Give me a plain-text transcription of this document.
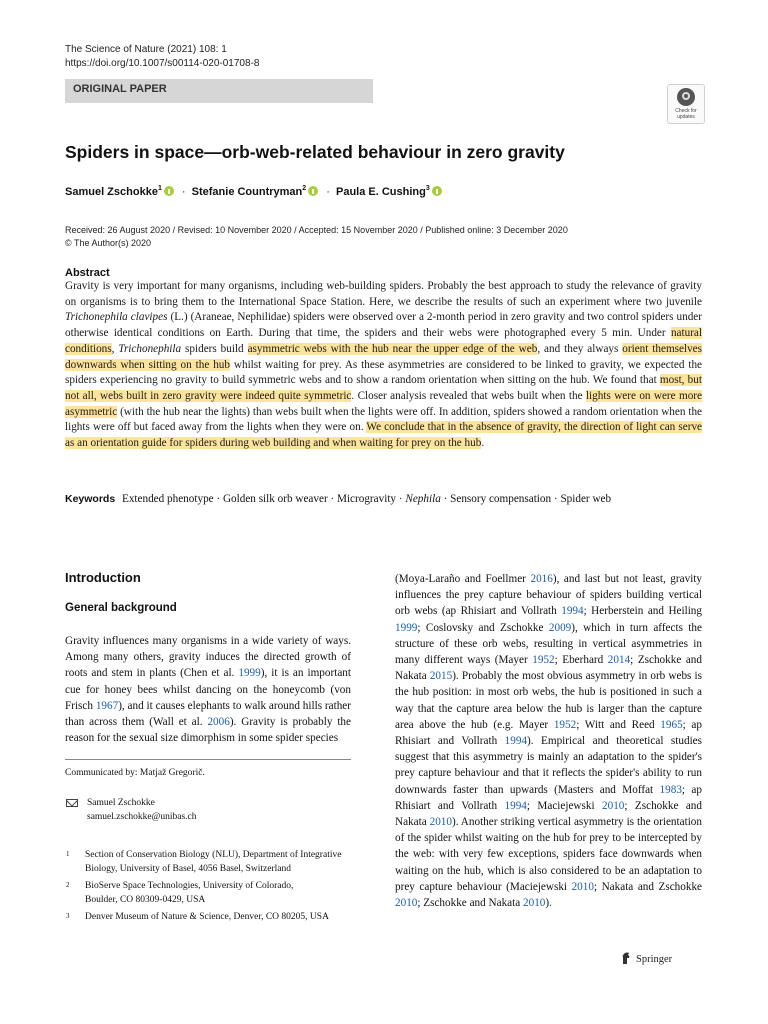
The Science of Nature (2021) 108: 1
https://doi.org/10.1007/s00114-020-01708-8
ORIGINAL PAPER
Check for
updates
Spiders in space—orb-web-related behaviour in zero gravity
Samuel Zschokke$^1$ · Stefanie Countryman$^2$ · Paula E. Cushing$^3$
Received: 26 August 2020 / Revised: 10 November 2020 / Accepted: 15 November 2020 / Published online: 3 December 2020
© The Author(s) 2020
Abstract
Gravity is very important for many organisms, including web-building spiders. Probably the best approach to study the relevance of gravity on organisms is to bring them to the International Space Station. Here, we describe the results of such an experiment where two juvenile Trichonephila clavipes (L.) (Araneae, Nephilidae) spiders were observed over a 2-month period in zero gravity and two control spiders under otherwise identical conditions on Earth. During that time, the spiders and their webs were photographed every 5 min. Under natural conditions, Trichonephila spiders build asymmetric webs with the hub near the upper edge of the web, and they always orient themselves downwards when sitting on the hub whilst waiting for prey. As these asymmetries are considered to be linked to gravity, we expected the spiders experiencing no gravity to build symmetric webs and to show a random orientation when sitting on the hub. We found that most, but not all, webs built in zero gravity were indeed quite symmetric. Closer analysis revealed that webs built when the lights were on were more asymmetric (with the hub near the lights) than webs built when the lights were off. In addition, spiders showed a random orientation when the lights were off but faced away from the lights when they were on. We conclude that in the absence of gravity, the direction of light can serve as an orientation guide for spiders during web building and when waiting for prey on the hub.
Keywords Extended phenotype · Golden silk orb weaver · Microgravity · Nephila · Sensory compensation · Spider web
Introduction
General background
Gravity influences many organisms in a wide variety of ways. Among many others, gravity induces the directed growth of roots and stem in plants (Chen et al. 1999), it is an important cue for honey bees whilst dancing on the honeycomb (von Frisch 1967), and it causes elephants to walk around hills rather than across them (Wall et al. 2006). Gravity is probably the reason for the sexual size dimorphism in some spider species
(Moya-Laraño and Foellmer 2016), and last but not least, gravity influences the prey capture behaviour of spiders building vertical orb webs (ap Rhisiart and Vollrath 1994; Herberstein and Heiling 1999; Coslovsky and Zschokke 2009), which in turn affects the structure of these orb webs, resulting in vertical asymmetries in many different ways (Mayer 1952; Eberhard 2014; Zschokke and Nakata 2015). Probably the most obvious asymmetry in orb webs is the hub position: in most orb webs, the hub is positioned in such a way that the capture area below the hub is larger than the capture area above the hub (e.g. Mayer 1952; Witt and Reed 1965; ap Rhisiart and Vollrath 1994). Empirical and theoretical studies suggest that this asymmetry is mainly an adaptation to the spider's prey capture behaviour and that it reflects the spider's ability to run downwards faster than upwards (Masters and Moffat 1983; ap Rhisiart and Vollrath 1994; Maciejewski 2010; Zschokke and Nakata 2010). Another striking vertical asymmetry is the orientation of the spider whilst waiting on the hub for prey to be intercepted by the web: with very few exceptions, spiders face downwards when waiting on the hub, which is also considered to be an adaptation to prey capture behaviour (Maciejewski 2010; Nakata and Zschokke 2010; Zschokke and Nakata 2010).
Communicated by: Matjaž Gregorič.
Samuel Zschokke
samuel.zschokke@unibas.ch
1 Section of Conservation Biology (NLU), Department of Integrative
Biology, University of Basel, 4056 Basel, Switzerland
2 BioServe Space Technologies, University of Colorado,
Boulder, CO 80309-0429, USA
3 Denver Museum of Nature & Science, Denver, CO 80205, USA
Springer
